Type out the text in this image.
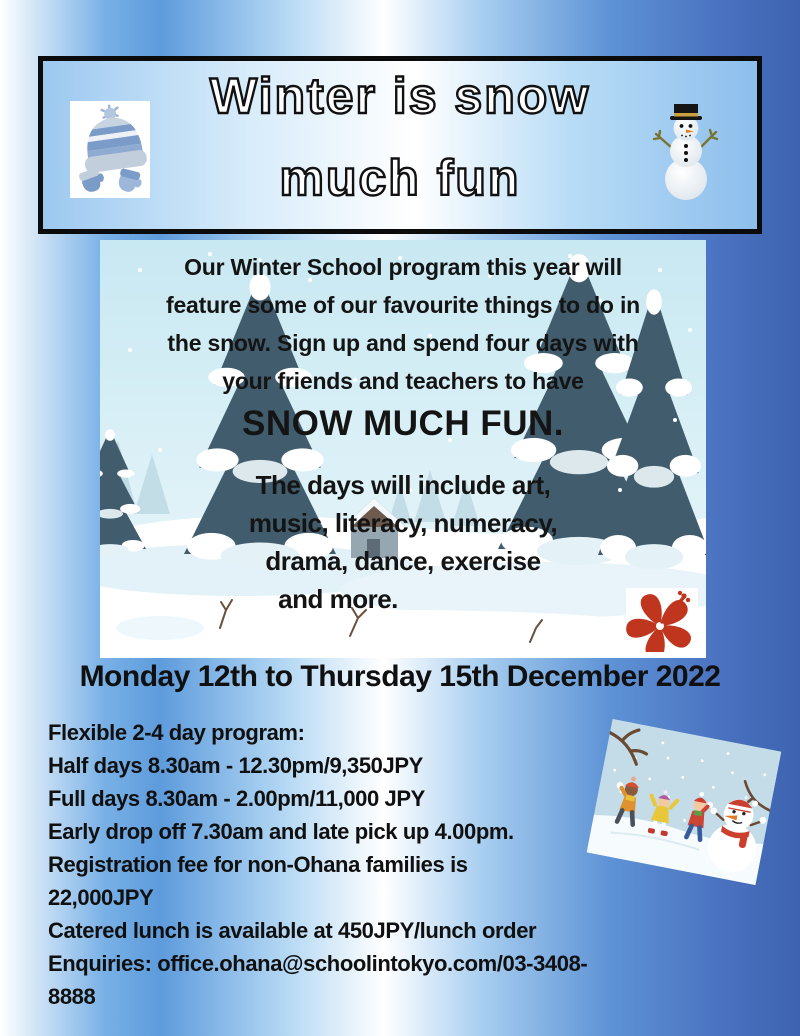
Winter is snow
much fun
Our Winter School program this year will
feature some of our favourite things to do in
the snow. Sign up and spend four days with
your friends and teachers to have
SNOW MUCH FUN.
The days will include art,
music, literacy, numeracy,
drama, dance, exercise
and more.
Monday 12th to Thursday 15th December 2022
Flexible 2-4 day program:
Half days 8.30am - 12.30pm/9,350JPY
Full days 8.30am - 2.00pm/11,000 JPY
Early drop off 7.30am and late pick up 4.00pm.
Registration fee for non-Ohana families is
22,000JPY
Catered lunch is available at 450JPY/lunch order
Enquiries: office.ohana@schoolintokyo.com/03-3408-8888
